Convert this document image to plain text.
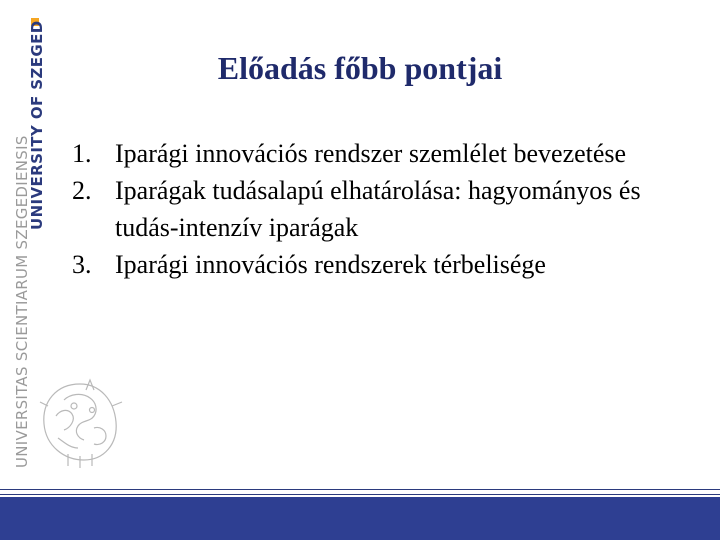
UNIVERSITY OF SZEGED
UNIVERSITAS SCIENTIARUM SZEGEDIENSIS
Előadás főbb pontjai
1. Iparági innovációs rendszer szemlélet bevezetése
2. Iparágak tudásalapú elhatárolása: hagyományos és tudás-intenzív iparágak
3. Iparági innovációs rendszerek térbelisége
